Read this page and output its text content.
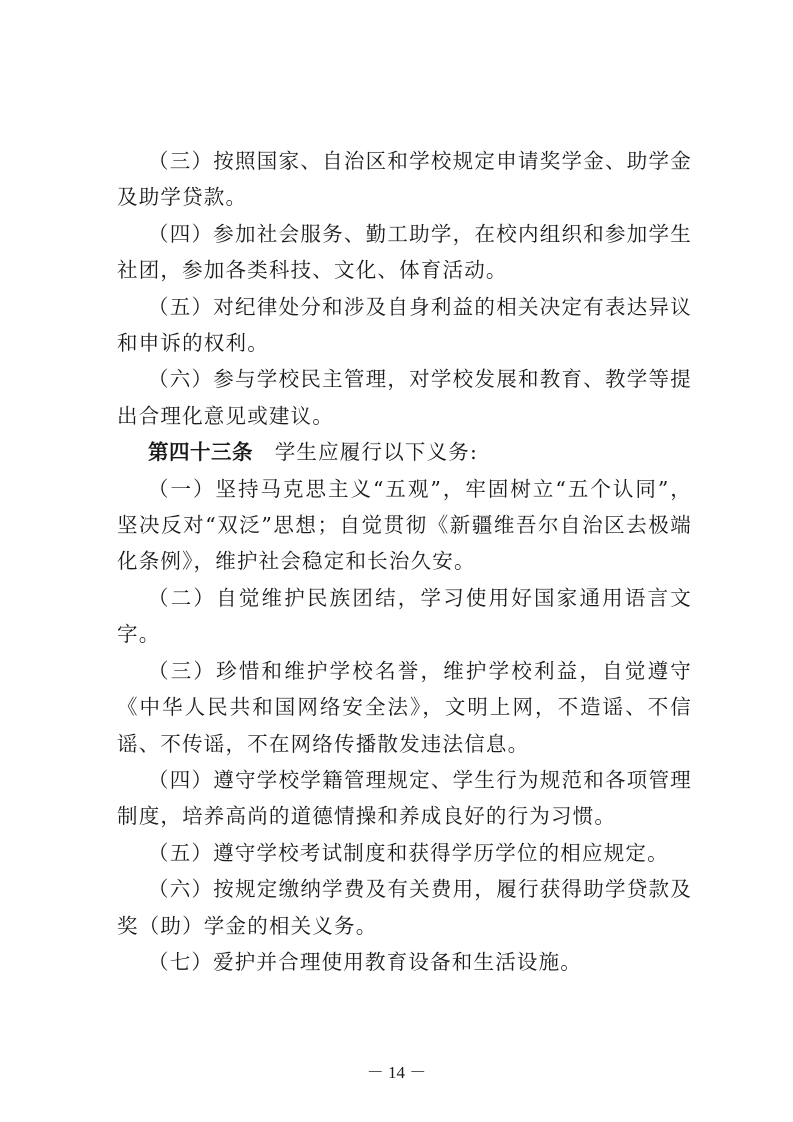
（三）按照国家、自治区和学校规定申请奖学金、助学金及助学贷款。

（四）参加社会服务、勤工助学，在校内组织和参加学生社团，参加各类科技、文化、体育活动。

（五）对纪律处分和涉及自身利益的相关决定有表达异议和申诉的权利。

（六）参与学校民主管理，对学校发展和教育、教学等提出合理化意见或建议。

第四十三条　 学生应履行以下义务:

（一）坚持马克思主义“五观”，牢固树立“五个认同”，坚决反对“双泛”思想；自觉贯彻《新疆维吾尔自治区去极端化条例》，维护社会稳定和长治久安。

（二）自觉维护民族团结，学习使用好国家通用语言文字。

（三）珍惜和维护学校名誉，维护学校利益，自觉遵守《中华人民共和国网络安全法》，文明上网，不造谣、不信谣、不传谣，不在网络传播散发违法信息。

（四）遵守学校学籍管理规定、学生行为规范和各项管理制度，培养高尚的道德情操和养成良好的行为习惯。

（五）遵守学校考试制度和获得学历学位的相应规定。

（六）按规定缴纳学费及有关费用，履行获得助学贷款及奖（助）学金的相关义务。

（七）爱护并合理使用教育设备和生活设施。

－ 14 －
